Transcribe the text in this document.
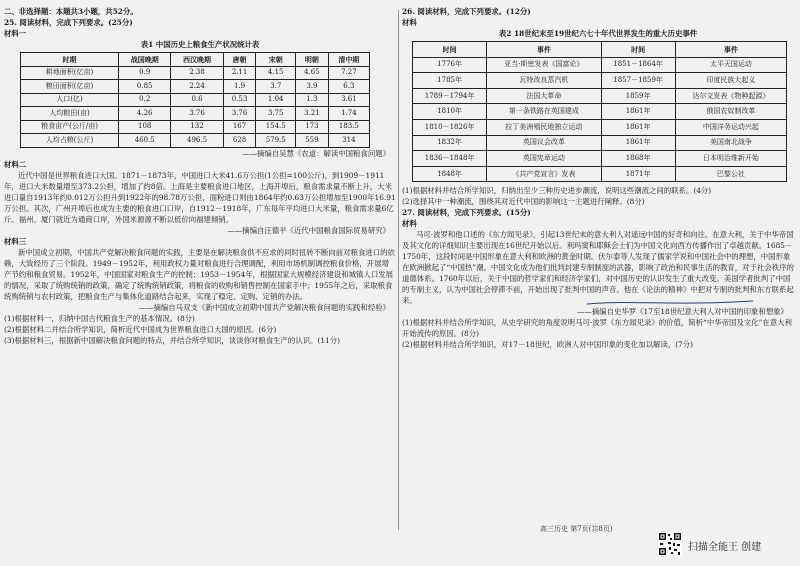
二、非选择题：本题共3小题，共52分。
25. 阅读材料，完成下列要求。(25分)
材料一
表1 中国历史上粮食生产状况统计表
时期	战国晚期	西汉晚期	唐朝	宋朝	明朝	清中期
耕地面积(亿亩)	0.9	2.38	2.11	4.15	4.65	7.27
粮田面积(亿亩)	0.85	2.24	1.9	3.7	3.9	6.3
人口(亿)	0.2	0.6	0.53	1.04	1.3	3.61
人均粮田(亩)	4.26	3.76	3.76	3.75	3.21	1.74
粮食亩产(公斤/亩)	108	132	167	154.5	173	183.5
人均占粮(公斤)	460.5	496.5	628	579.5	559	314
——摘编自吴慧《农道：解读中国粮食问题》
材料二
近代中国是世界粮食进口大国。1871－1873年，中国进口大米41.6万公担(1公担=100公斤)，到1909－1911年，进口大米数量增至373.2公担，增加了约8倍。上海是主要粮食进口地区，上海开埠后，粮食需求量不断上升，大米进口量自1913年约0.012万公担升到1922年的98.78万公担，面粉进口则由1864年约0.63万公担增加至1900年16.91万公担。其次，广州开埠后也成为主要的粮食进口口岸，自1912－1918年，广东每年平均进口大米量，粮食需求量6亿斤。福州、厦门就近为通商口岸，外国米源源不断以低价向福建倾销。
——摘编自汪德平《近代中国粮食国际贸易研究》
材料三
新中国成立初期，中国共产党解决粮食问题的实践，主要是在解决粮食供不应求的同时扭转不断向前对粮食进口的依赖，大致经历了三个阶段。1949－1952年，利用政权力量对粮食进行合理调配，利用市场机制调控粮食价格，开展增产节约和粮食贸易。1952年，中国国家对粮食生产的控制；1953－1954年，根据国家大规模经济建设和城镇人口发展的情况，采取了统购统销的政策，确定了统购统销政策，将粮食的收购和销售控制在国家手中；1955年之后，采取粮食统购统销与农村政策，把粮食生产与集体化道路结合起来，实现了稳定、定购、定销的办法。
——摘编自马双支《新中国成立初期中国共产党解决粮食问题的实践和经验》
(1)根据材料一，归纳中国古代粮食生产的基本情况。(8分)
(2)根据材料二并结合所学知识，简析近代中国成为世界粮食进口大国的原因。(6分)
(3)根据材料三，根据新中国解决粮食问题的特点，并结合所学知识，谈谈你对粮食生产的认识。(11分)
26. 阅读材料，完成下列要求。(12分)
材料
表2 18世纪末至19世纪六七十年代世界发生的重大历史事件
时间	事件	时间	事件
1776年	亚当·斯密发表《国富论》	1851－1864年	太平天国运动
1785年	瓦特改良蒸汽机	1857－1859年	印度民族大起义
1789－1794年	法国大革命	1859年	达尔文发表《物种起源》
1810年	第一条铁路在英国建成	1861年	俄国农奴制改革
1810－1826年	拉丁美洲殖民地独立运动	1861年	中国洋务运动兴起
1832年	英国议会改革	1861年	美国南北战争
1836－1848年	英国宪章运动	1868年	日本明治维新开始
1848年	《共产党宣言》发表	1871年	巴黎公社
(1)根据材料并结合所学知识，归纳出至少三种历史进步潮流，说明这些潮流之间的联系。(4分)
(2)选择其中一种潮流，围绕其对近代中国的影响这一主题进行阐释。(8分)
27. 阅读材料，完成下列要求。(15分)
材料
马可·波罗和他口述的《东方闻见录》，引起13世纪末的意大利人对遥远中国的好奇和向往。在意大利，关于中华帝国及其文化的详细知识主要出现在16世纪开始以后。利玛窦和耶稣会士们为中国文化向西方传播作出了卓越贡献。1685－1750年，这段时间是中国形象在意大利和欧洲的黄金时期。伏尔泰等人发现了儒家学说和中国社会中的理想，中国形象在欧洲掀起了“中国热”潮。中国文化成为他们批判封建专制制度的武器，影响了政治和民事生活的教育，对于社会秩序的道德体系。1760年以后，关于中国的哲学家们和经济学家们，对中国历史的认识发生了重大改变。美国学者批判了中国的专制主义，认为中国社会停滞不前，开始出现了批判中国的声音。他在《论法的精神》中把对专制的批判和东方联系起来。
——摘编自史华罗《17至18世纪意大利人对中国的印象和想象》
(1)根据材料并结合所学知识，从史学研究的角度说明马可·波罗《东方闻见录》的价值，简析“中华帝国及文化”在意大利开始流传的原因。(8分)
(2)根据材料并结合所学知识，对17－18世纪，欧洲人对中国印象的变化加以解读。(7分)
高三历史 第7页(共8页)
扫描全能王 创建
